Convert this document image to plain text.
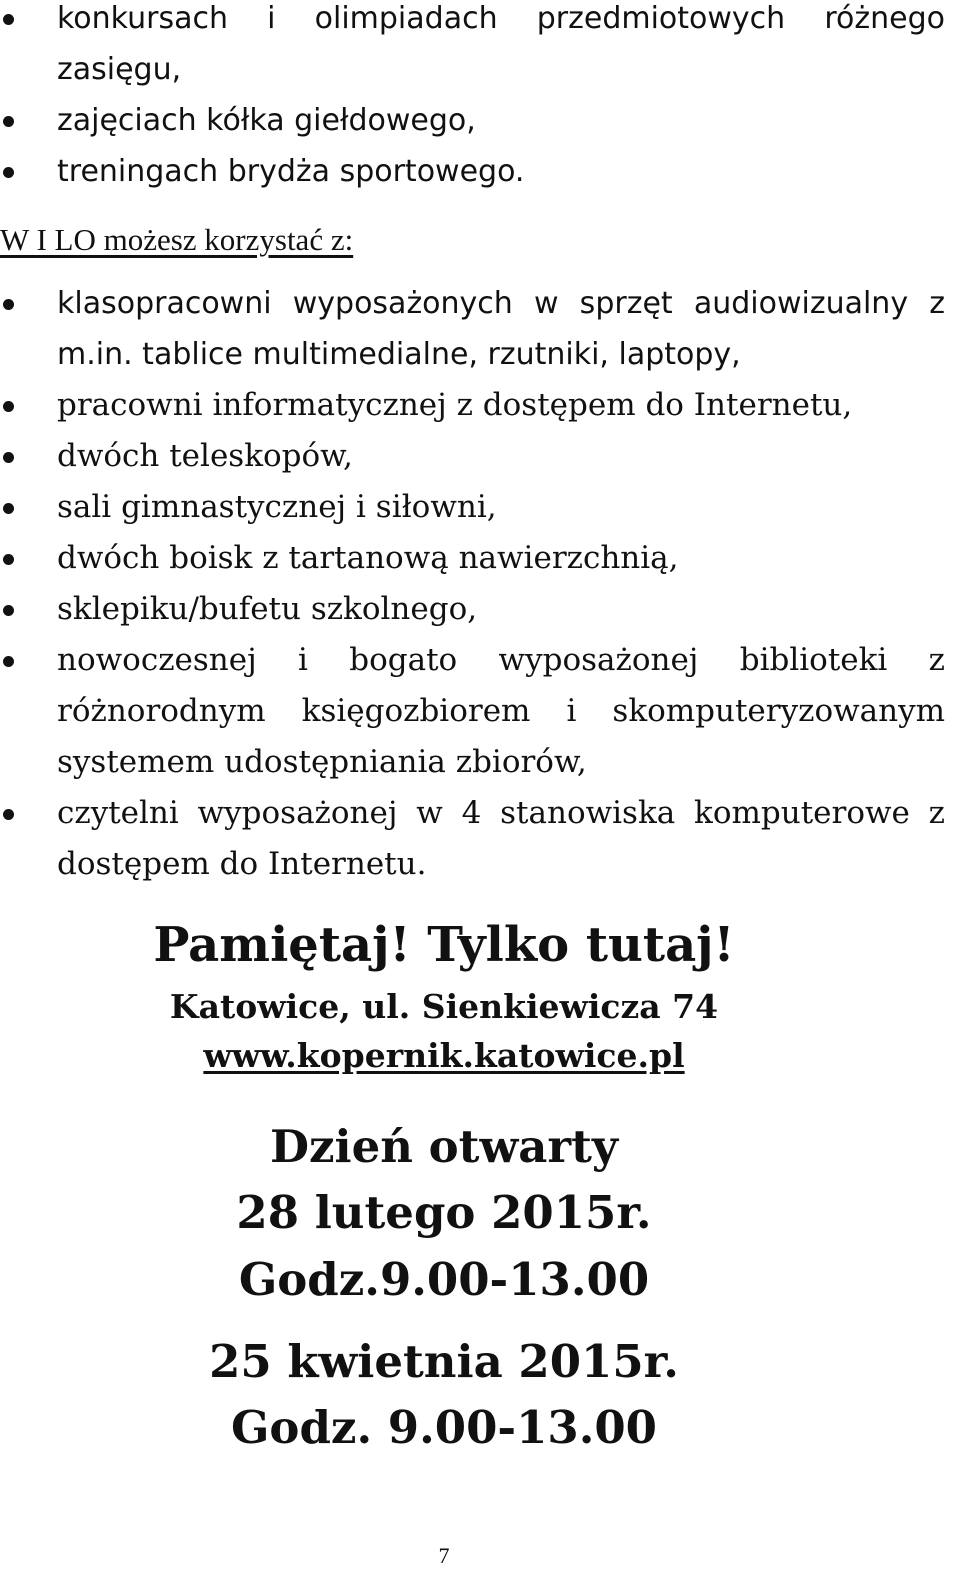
konkursach i olimpiadach przedmiotowych różnego zasięgu,
zajęciach kółka giełdowego,
treningach brydża sportowego.
W I LO możesz korzystać z:
klasopracowni wyposażonych w sprzęt audiowizualny z m.in. tablice multimedialne, rzutniki, laptopy,
pracowni informatycznej z dostępem do Internetu,
dwóch teleskopów,
sali gimnastycznej i siłowni,
dwóch boisk z tartanową nawierzchnią,
sklepiku/bufetu szkolnego,
nowoczesnej i bogato wyposażonej biblioteki z różnorodnym księgozbiorem i skomputeryzowanym systemem udostępniania zbiorów,
czytelni wyposażonej w 4 stanowiska komputerowe z dostępem do Internetu.
Pamiętaj! Tylko tutaj!
Katowice, ul. Sienkiewicza 74
www.kopernik.katowice.pl
Dzień otwarty
28 lutego 2015r.
Godz.9.00-13.00
25 kwietnia 2015r.
Godz. 9.00-13.00
7
